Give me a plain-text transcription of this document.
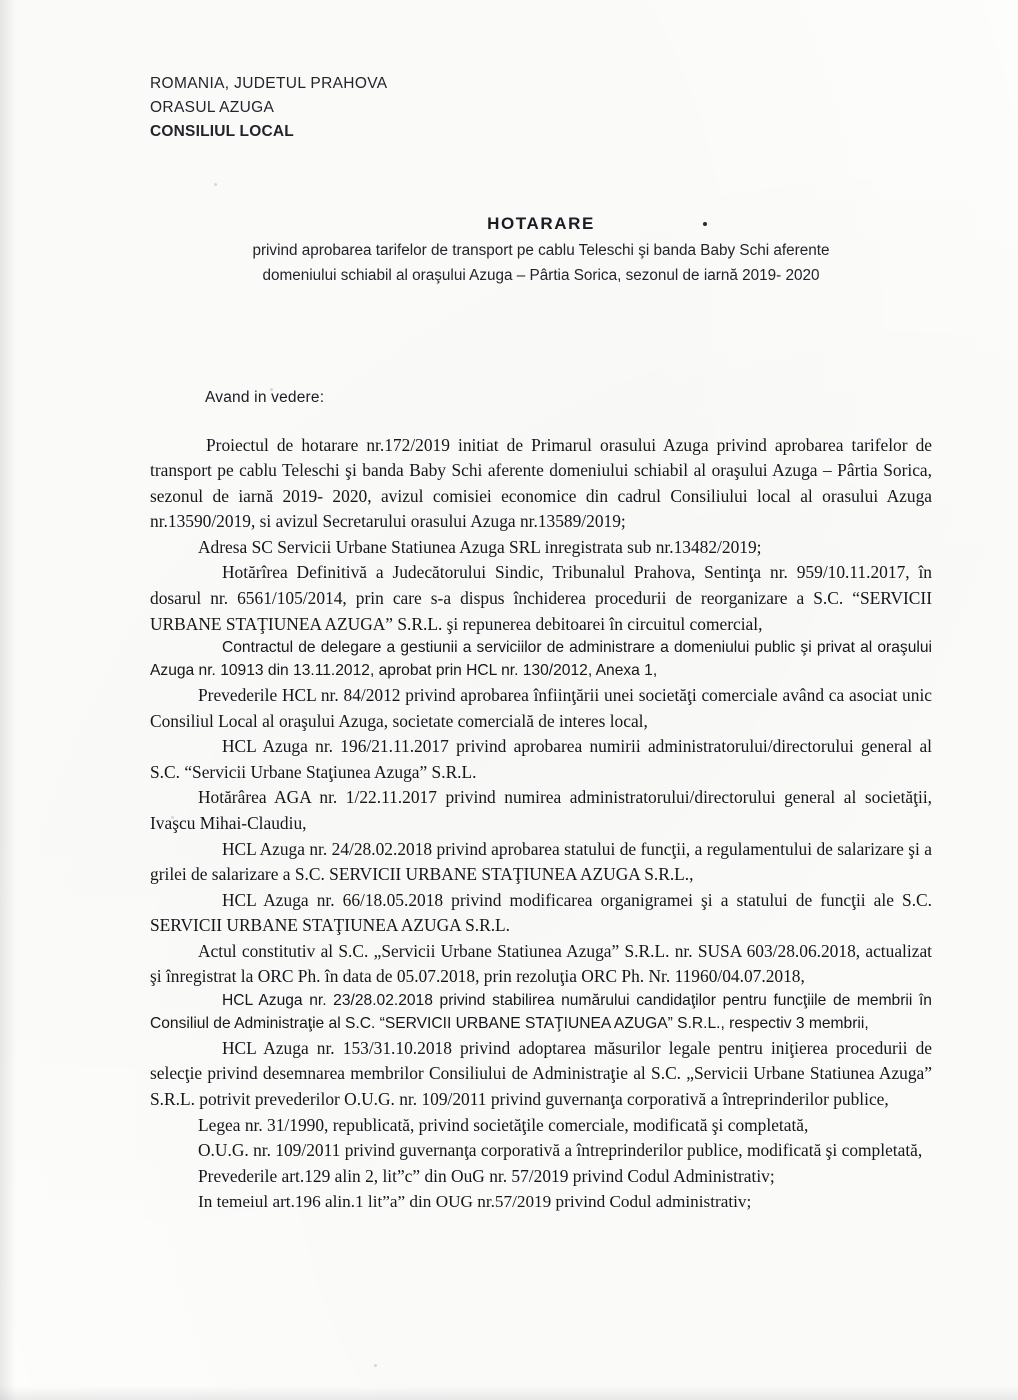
ROMANIA, JUDETUL PRAHOVA
ORASUL AZUGA
CONSILIUL LOCAL
HOTARARE
privind aprobarea tarifelor de transport pe cablu Teleschi şi banda Baby Schi aferente
domeniului schiabil al oraşului Azuga – Pârtia Sorica, sezonul de iarnă 2019- 2020
Avand in vedere:

Proiectul de hotarare nr.172/2019 initiat de Primarul orasului Azuga privind aprobarea tarifelor de transport pe cablu Teleschi şi banda Baby Schi aferente domeniului schiabil al oraşului Azuga – Pârtia Sorica, sezonul de iarnă 2019- 2020, avizul comisiei economice din cadrul Consiliului local al orasului Azuga nr.13590/2019, si avizul Secretarului orasului Azuga nr.13589/2019;

Adresa SC Servicii Urbane Statiunea Azuga SRL inregistrata sub nr.13482/2019;

Hotărîrea Definitivă a Judecătorului Sindic, Tribunalul Prahova, Sentinţa nr. 959/10.11.2017, în dosarul nr. 6561/105/2014, prin care s-a dispus închiderea procedurii de reorganizare a S.C. “SERVICII URBANE STAŢIUNEA AZUGA” S.R.L. şi repunerea debitoarei în circuitul comercial,

Contractul de delegare a gestiunii a serviciilor de administrare a domeniului public şi privat al oraşului Azuga nr. 10913 din 13.11.2012, aprobat prin HCL nr. 130/2012, Anexa 1,

Prevederile HCL nr. 84/2012 privind aprobarea înfiinţării unei societăţi comerciale având ca asociat unic Consiliul Local al oraşului Azuga, societate comercială de interes local,

HCL Azuga nr. 196/21.11.2017 privind aprobarea numirii administratorului/directorului general al S.C. “Servicii Urbane Staţiunea Azuga” S.R.L.

Hotărârea AGA nr. 1/22.11.2017 privind numirea administratorului/directorului general al societăţii, Ivaşcu Mihai-Claudiu,

HCL Azuga nr. 24/28.02.2018 privind aprobarea statului de funcţii, a regulamentului de salarizare şi a grilei de salarizare a S.C. SERVICII URBANE STAŢIUNEA AZUGA S.R.L.,

HCL Azuga nr. 66/18.05.2018 privind modificarea organigramei şi a statului de funcţii ale S.C. SERVICII URBANE STAŢIUNEA AZUGA S.R.L.

Actul constitutiv al S.C. „Servicii Urbane Statiunea Azuga” S.R.L. nr. SUSA 603/28.06.2018, actualizat şi înregistrat la ORC Ph. în data de 05.07.2018, prin rezoluţia ORC Ph. Nr. 11960/04.07.2018,

HCL Azuga nr. 23/28.02.2018 privind stabilirea numărului candidaţilor pentru funcţiile de membrii în Consiliul de Administraţie al S.C. “SERVICII URBANE STAŢIUNEA AZUGA” S.R.L., respectiv 3 membrii,

HCL Azuga nr. 153/31.10.2018 privind adoptarea măsurilor legale pentru iniţierea procedurii de selecţie privind desemnarea membrilor Consiliului de Administraţie al S.C. „Servicii Urbane Statiunea Azuga” S.R.L. potrivit prevederilor O.U.G. nr. 109/2011 privind guvernanţa corporativă a întreprinderilor publice,

Legea nr. 31/1990, republicată, privind societăţile comerciale, modificată şi completată,

O.U.G. nr. 109/2011 privind guvernanţa corporativă a întreprinderilor publice, modificată şi completată,

Prevederile art.129 alin 2, lit”c” din OuG nr. 57/2019 privind Codul Administrativ;

In temeiul art.196 alin.1 lit”a” din OUG nr.57/2019 privind Codul administrativ;
